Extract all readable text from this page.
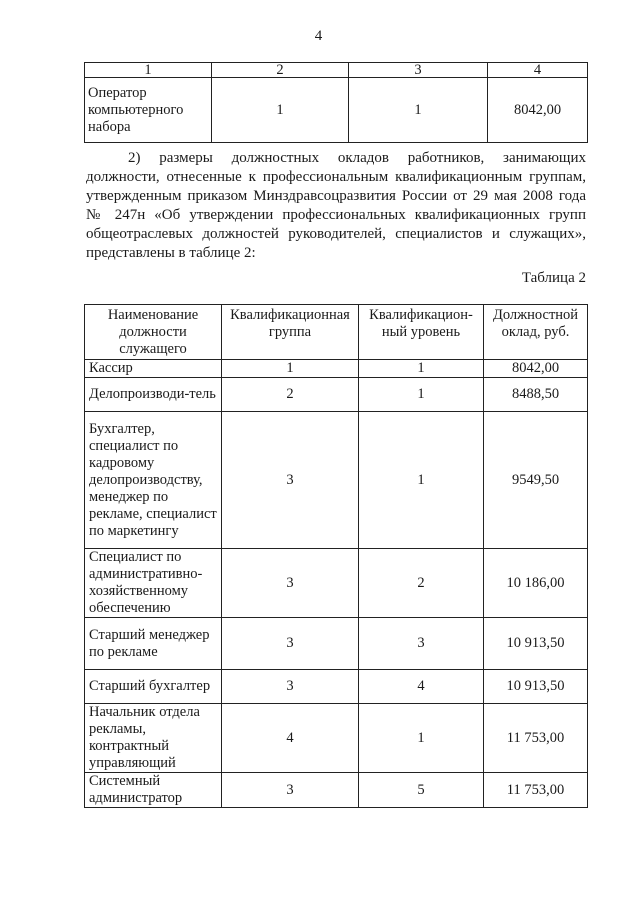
4
1	2	3	4
Оператор компьютерного набора	1	1	8042,00
2) размеры должностных окладов работников, занимающих должности, отнесенные к профессиональным квалификационным группам, утвержденным приказом Минздравсоцразвития России от 29 мая 2008 года № 247н «Об утверждении профессиональных квалификационных групп общеотраслевых должностей руководителей, специалистов и служащих», представлены в таблице 2:
Таблица 2
Наименование должности служащего	Квалификационная группа	Квалификацион-ный уровень	Должностной оклад, руб.
Кассир	1	1	8042,00
Делопроизводи-тель	2	1	8488,50
Бухгалтер, специалист по кадровому делопроизводству, менеджер по рекламе, специалист по маркетингу	3	1	9549,50
Специалист по административно-хозяйственному обеспечению	3	2	10 186,00
Старший менеджер по рекламе	3	3	10 913,50
Старший бухгалтер	3	4	10 913,50
Начальник отдела рекламы, контрактный управляющий	4	1	11 753,00
Системный администратор	3	5	11 753,00
